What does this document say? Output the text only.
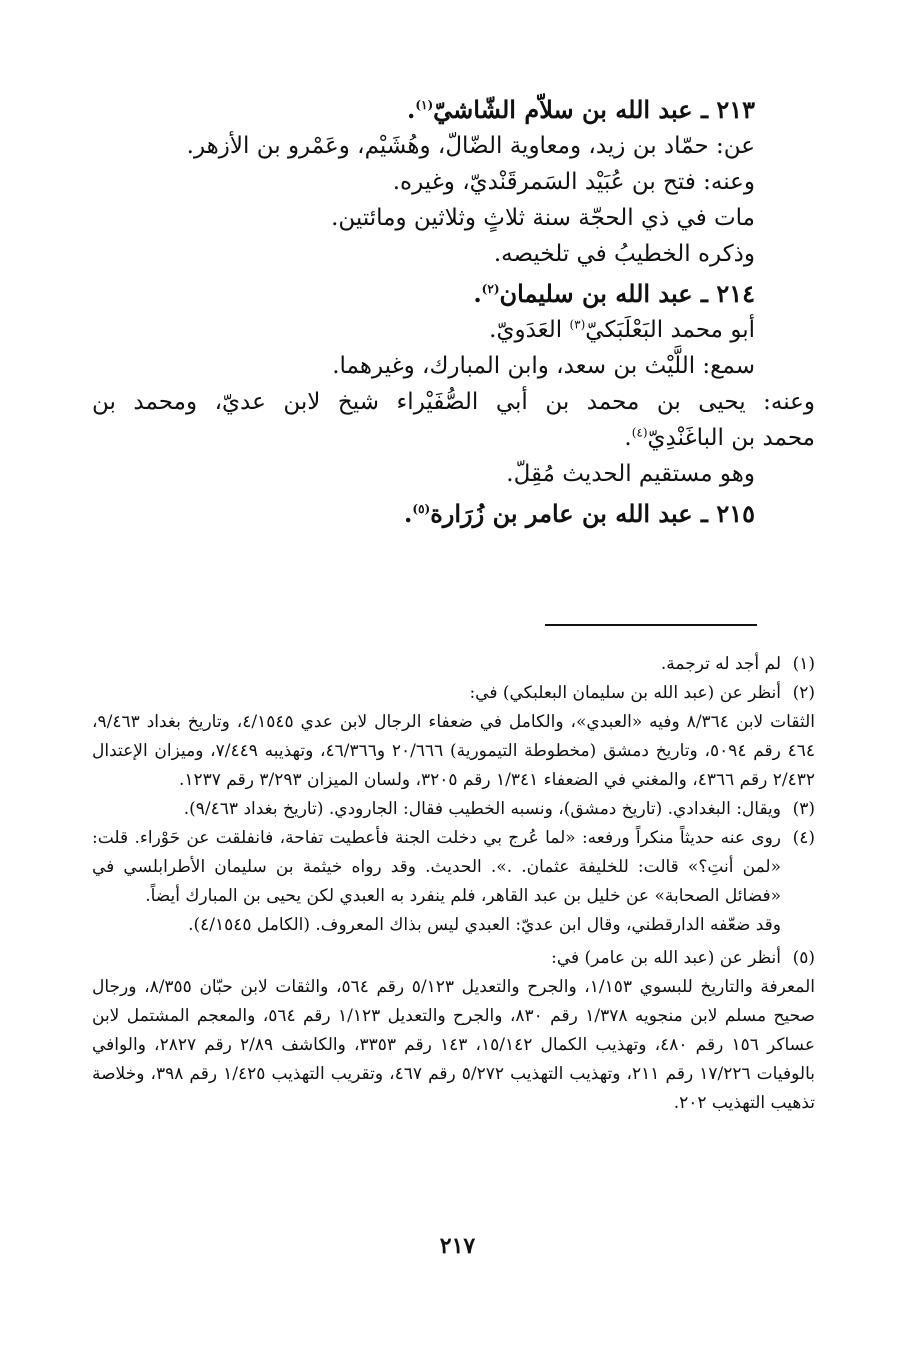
٢١٣ ـ عبد الله بن سلاّم الشّاشيّ$^{(١)}$.
عن: حمّاد بن زيد، ومعاوية الضّالّ، وهُشَيْم، وعَمْرو بن الأزهر.
وعنه: فتح بن عُبَيْد السَمرقَنْديّ، وغيره.
مات في ذي الحجّة سنة ثلاثٍ وثلاثين ومائتين.
وذكره الخطيبُ في تلخيصه.
٢١٤ ـ عبد الله بن سليمان$^{(٢)}$.
أبو محمد البَعْلَبَكيّ$^{(٣)}$ العَدَويّ.
سمع: اللَّيْث بن سعد، وابن المبارك، وغيرهما.
وعنه: يحيى بن محمد بن أبي الصُّفَيْراء شيخ لابن عديّ، ومحمد بن
محمد بن الباغَنْدِيّ$^{(٤)}$.
وهو مستقيم الحديث مُقِلّ.
٢١٥ ـ عبد الله بن عامر بن زُرَارة$^{(٥)}$.
(١)

لم أجد له ترجمة.

(٢)

أنظر عن (عبد الله بن سليمان البعلبكي) في:

الثقات لابن ٨/٣٦٤ وفيه «العبدي»، والكامل في ضعفاء الرجال لابن عدي ٤/١٥٤٥، وتاريخ بغداد ٩/٤٦٣، ٤٦٤ رقم ٥٠٩٤، وتاريخ دمشق (مخطوطة التيمورية) ٢٠/٦٦٦ و٤٦/٣٦٦، وتهذيبه ٧/٤٤٩، وميزان الإعتدال ٢/٤٣٢ رقم ٤٣٦٦، والمغني في الضعفاء ١/٣٤١ رقم ٣٢٠٥، ولسان الميزان ٣/٢٩٣ رقم ١٢٣٧.

(٣)

ويقال: البغدادي. (تاريخ دمشق)، ونسبه الخطيب فقال: الجارودي. (تاريخ بغداد ٩/٤٦٣).

(٤)

روى عنه حديثاً منكراً ورفعه: «لما عُرج بي دخلت الجنة فأعطيت تفاحة، فانفلقت عن حَوْراء. قلت: «لمن أنتِ؟» قالت: للخليفة عثمان. .». الحديث. وقد رواه خيثمة بن سليمان الأطرابلسي في «فضائل الصحابة» عن خليل بن عبد القاهر، فلم ينفرد به العبدي لكن يحيى بن المبارك أيضاً.

وقد ضعّفه الدارقطني، وقال ابن عديّ: العبدي ليس بذاك المعروف. (الكامل ٤/١٥٤٥).

(٥)

أنظر عن (عبد الله بن عامر) في:

المعرفة والتاريخ للبسوي ١/١٥٣، والجرح والتعديل ٥/١٢٣ رقم ٥٦٤، والثقات لابن حبّان ٨/٣٥٥، ورجال صحيح مسلم لابن منجويه ١/٣٧٨ رقم ٨٣٠، والجرح والتعديل ١/١٢٣ رقم ٥٦٤، والمعجم المشتمل لابن عساكر ١٥٦ رقم ٤٨٠، وتهذيب الكمال ١٥/١٤٢، ١٤٣ رقم ٣٣٥٣، والكاشف ٢/٨٩ رقم ٢٨٢٧، والوافي بالوفيات ١٧/٢٢٦ رقم ٢١١، وتهذيب التهذيب ٥/٢٧٢ رقم ٤٦٧، وتقريب التهذيب ١/٤٢٥ رقم ٣٩٨، وخلاصة تذهيب التهذيب ٢٠٢.

٢١٧
